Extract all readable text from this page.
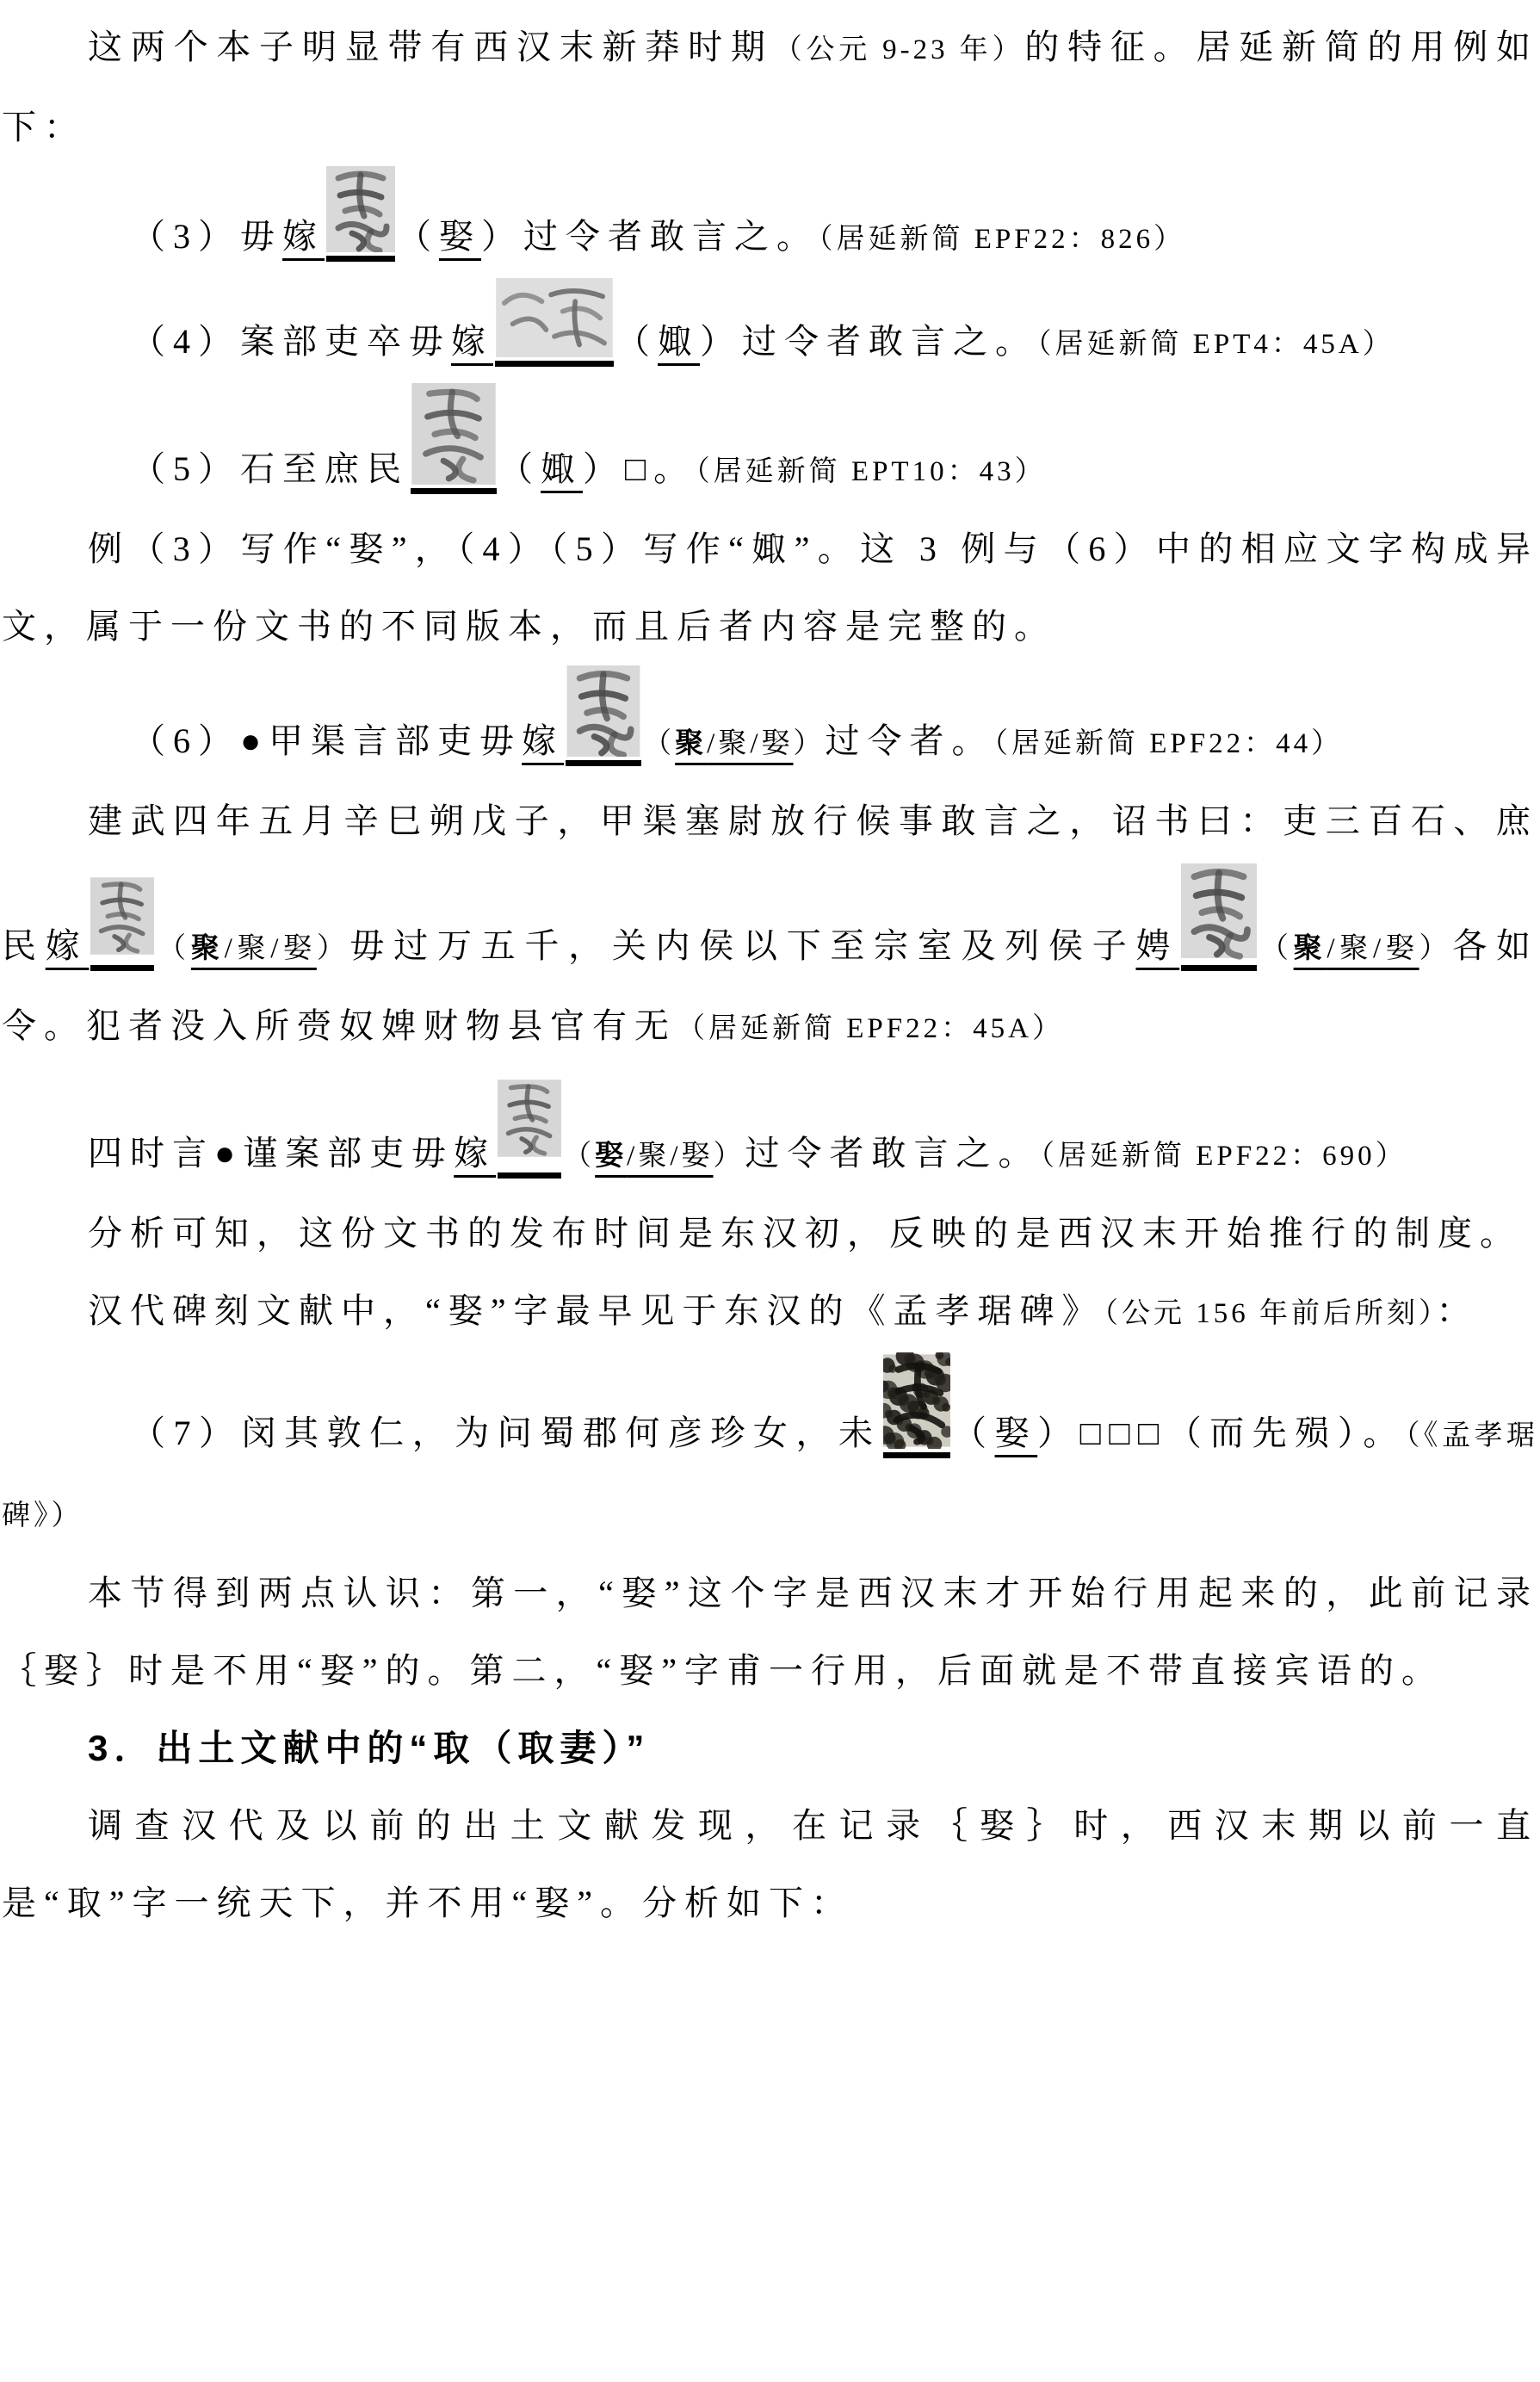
这两个本子明显带有西汉末新莽时期（公元 9-23 年）的特征。居延新简的用例如下：

（3）毋嫁 （娶）过令者敢言之。（居延新简 EPF22：826）

（4）案部吏卒毋嫁	（娵）过令者敢言之。（居延新简 EPT4：45A）

（5）石至庶民	（娵）□。（居延新简 EPT10：43）

例（3）写作“娶”，（4）（5）写作“娵”。这 3 例与（6）中的相应文字构成异文，属于一份文书的不同版本，而且后者内容是完整的。

（6）●甲渠言部吏毋嫁	（聚/聚/娶）过令者。（居延新简 EPF22：44）

建武四年五月辛巳朔戊子，甲渠塞尉放行候事敢言之，诏书曰：吏三百石、庶民嫁 （聚/聚/娶）毋过万五千，关内侯以下至宗室及列侯子娉	（聚/聚/娶）各如令。犯者没入所赍奴婢财物县官有无（居延新简 EPF22：45A）

四时言●谨案部吏毋嫁 （娶/聚/娶）过令者敢言之。（居延新简 EPF22：690）

分析可知，这份文书的发布时间是东汉初，反映的是西汉末开始推行的制度。

汉代碑刻文献中，“娶”字最早见于东汉的《孟孝琚碑》（公元 156 年前后所刻）：

（7）闵其敦仁，为问蜀郡何彦珍女，未 （娶）□□□（而先殒）。（《孟孝琚碑》）

本节得到两点认识：第一，“娶”这个字是西汉末才开始行用起来的，此前记录｛娶｝时是不用“娶”的。第二，“娶”字甫一行用，后面就是不带直接宾语的。

3．出土文献中的“取（取妻）”

调查汉代及以前的出土文献发现，在记录｛娶｝时，西汉末期以前一直是“取”字一统天下，并不用“娶”。分析如下：
